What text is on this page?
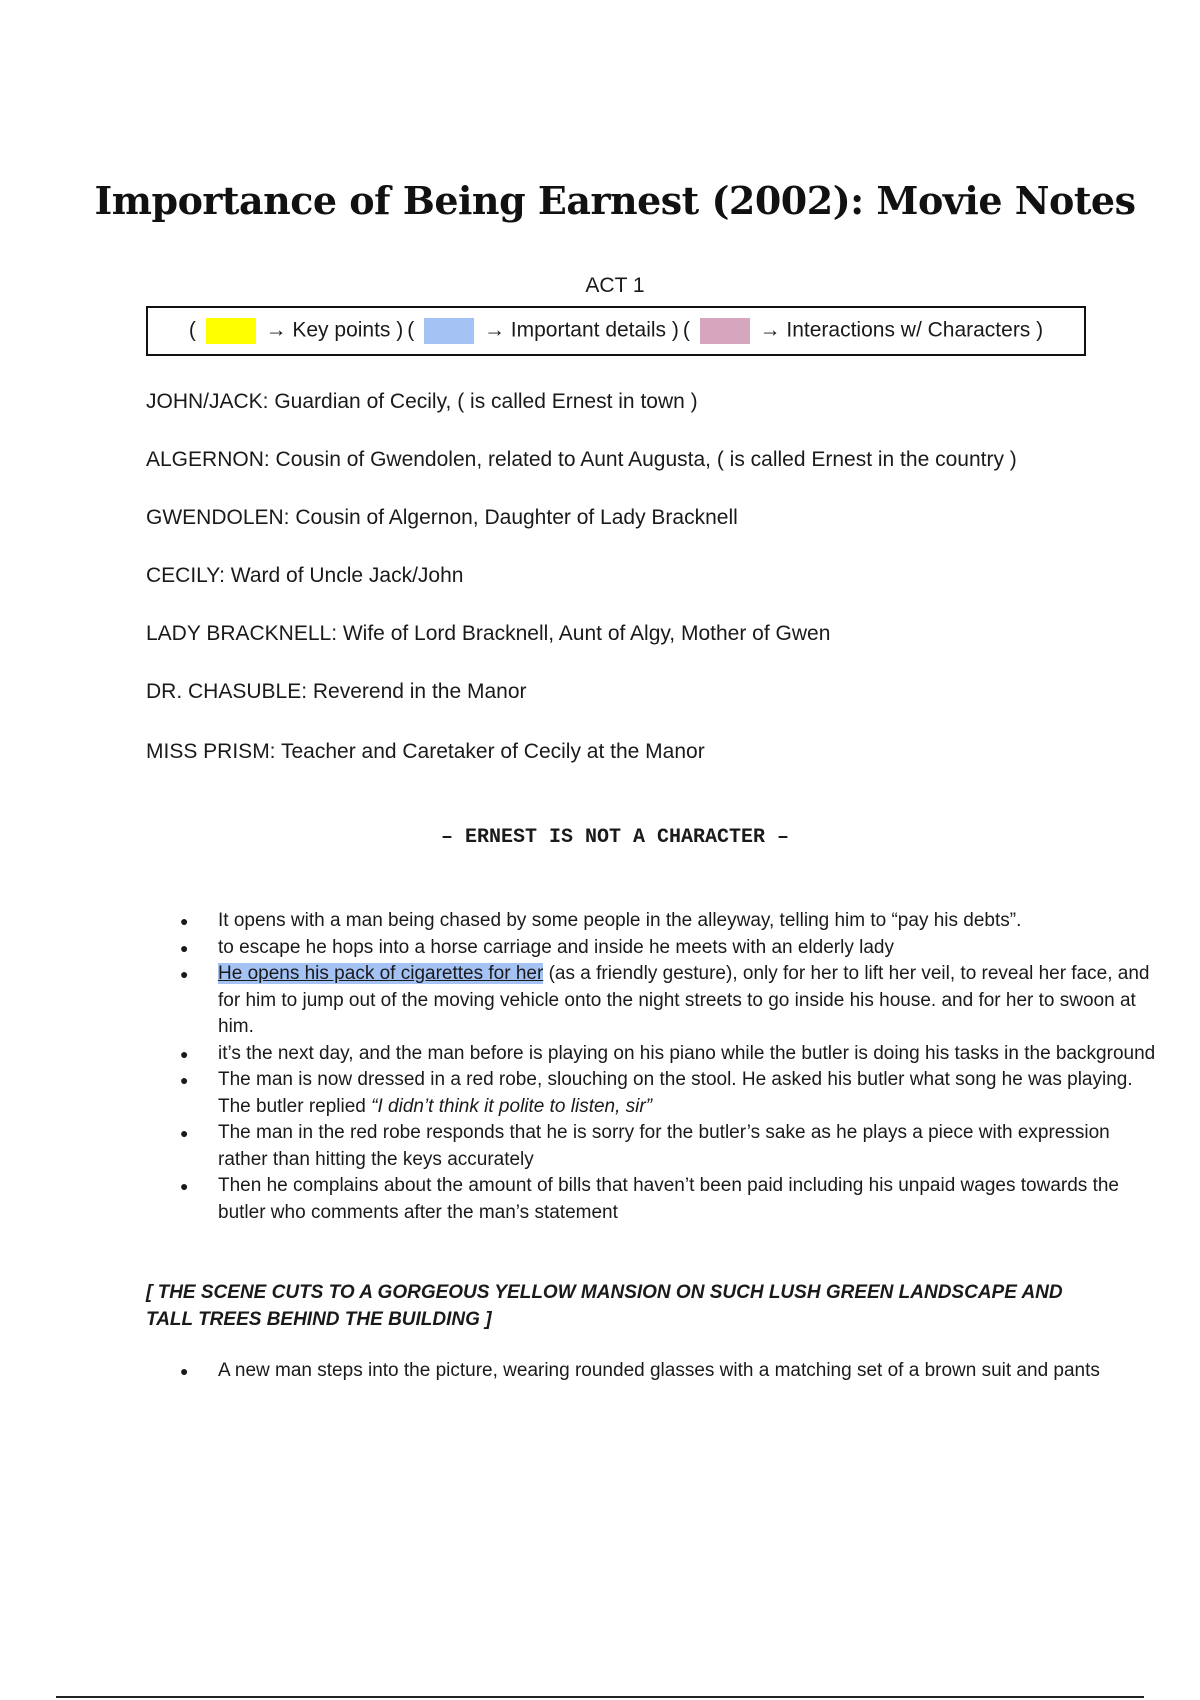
Importance of Being Earnest (2002): Movie Notes
ACT 1
(	→ Key points ) (	→ Important details ) (	→ Interactions w/ Characters )
JOHN/JACK: Guardian of Cecily, ( is called Ernest in town )
ALGERNON: Cousin of Gwendolen, related to Aunt Augusta, ( is called Ernest in the country )
GWENDOLEN: Cousin of Algernon, Daughter of Lady Bracknell
CECILY: Ward of Uncle Jack/John
LADY BRACKNELL: Wife of Lord Bracknell, Aunt of Algy, Mother of Gwen
DR. CHASUBLE: Reverend in the Manor
MISS PRISM: Teacher and Caretaker of Cecily at the Manor
– ERNEST IS NOT A CHARACTER –
● It opens with a man being chased by some people in the alleyway, telling him to “pay his debts”.
● to escape he hops into a horse carriage and inside he meets with an elderly lady
● He opens his pack of cigarettes for her (as a friendly gesture), only for her to lift her veil, to reveal her face, and for him to jump out of the moving vehicle onto the night streets to go inside his house. and for her to swoon at him.
● it’s the next day, and the man before is playing on his piano while the butler is doing his tasks in the background
● The man is now dressed in a red robe, slouching on the stool. He asked his butler what song he was playing. The butler replied “I didn’t think it polite to listen, sir”
● The man in the red robe responds that he is sorry for the butler’s sake as he plays a piece with expression rather than hitting the keys accurately
● Then he complains about the amount of bills that haven’t been paid including his unpaid wages towards the butler who comments after the man’s statement
[ THE SCENE CUTS TO A GORGEOUS YELLOW MANSION ON SUCH LUSH GREEN LANDSCAPE AND TALL TREES BEHIND THE BUILDING ]
● A new man steps into the picture, wearing rounded glasses with a matching set of a brown suit and pants
